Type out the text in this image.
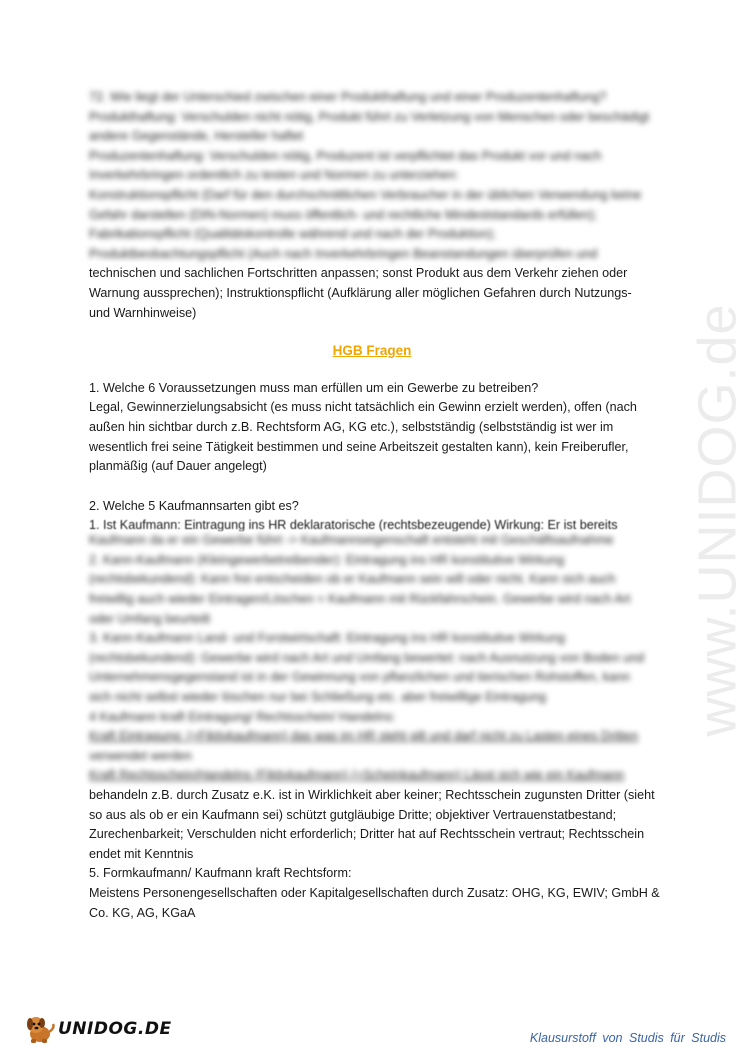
www.UNIDOG.de
72. Wie liegt der Unterschied zwischen einer Produkthaftung und einer Produzentenhaftung?
Produkthaftung: Verschulden nicht nötig, Produkt führt zu Verletzung von Menschen oder beschädigt
andere Gegenstände, Hersteller haftet
Produzentenhaftung: Verschulden nötig, Produzent ist verpflichtet das Produkt vor und nach
Inverkehrbringen ordentlich zu testen und Normen zu unterziehen:
Konstruktionspflicht (Darf für den durchschnittlichen Verbraucher in der üblichen Verwendung keine
Gefahr darstellen (DIN-Normen) muss öffentlich- und rechtliche Mindeststandards erfüllen);
Fabrikationspflicht (Qualitätskontrolle während und nach der Produktion);
Produktbeobachtungspflicht (Auch nach Inverkehrbringen Beanstandungen überprüfen und
technischen und sachlichen Fortschritten anpassen; sonst Produkt aus dem Verkehr ziehen oder
Warnung aussprechen); Instruktionspflicht (Aufklärung aller möglichen Gefahren durch Nutzungs-
und Warnhinweise)
HGB Fragen
1. Welche 6 Voraussetzungen muss man erfüllen um ein Gewerbe zu betreiben?
Legal, Gewinnerzielungsabsicht (es muss nicht tatsächlich ein Gewinn erzielt werden), offen (nach
außen hin sichtbar durch z.B. Rechtsform AG, KG etc.), selbstständig (selbstständig ist wer im
wesentlich frei seine Tätigkeit bestimmen und seine Arbeitszeit gestalten kann), kein Freiberufler,
planmäßig (auf Dauer angelegt)
2. Welche 5 Kaufmannsarten gibt es?
1. Ist Kaufmann: Eintragung ins HR deklaratorische (rechtsbezeugende) Wirkung: Er ist bereits
Kaufmann da er ein Gewerbe führt -> Kaufmannseigenschaft entsteht mit Geschäftsaufnahme
2. Kann-Kaufmann (Kleingewerbetreibender): Eintragung ins HR konstitutive Wirkung
(rechtsbekundend): Kann frei entscheiden ob er Kaufmann sein will oder nicht. Kann sich auch
freiwillig auch wieder Eintragen/Löschen = Kaufmann mit Rückfahrschein. Gewerbe wird nach Art
oder Umfang beurteilt
3. Kann-Kaufmann Land- und Forstwirtschaft: Eintragung ins HR konstitutive Wirkung
(rechtsbekundend): Gewerbe wird nach Art und Umfang bewertet: nach Ausnutzung von Boden und
Unternehmensgegenstand ist in der Gewinnung von pflanzlichen und tierischen Rohstoffen, kann
sich nicht selbst wieder löschen nur bei Schließung etc. aber freiwillige Eintragung
4 Kaufmann kraft Eintragung/ Rechtsschein/ Handelns:
Kraft Eintragung: (=Fiktivkaufmann) das was im HR steht gilt und darf nicht zu Lasten eines Dritten
verwendet werden
Kraft Rechtsschein/Handelns (Fiktivkaufmann) (=Scheinkaufmann) Lässt sich wie ein Kaufmann
behandeln z.B. durch Zusatz e.K. ist in Wirklichkeit aber keiner; Rechtsschein zugunsten Dritter (sieht
so aus als ob er ein Kaufmann sei) schützt gutgläubige Dritte; objektiver Vertrauenstatbestand;
Zurechenbarkeit; Verschulden nicht erforderlich; Dritter hat auf Rechtsschein vertraut; Rechtsschein
endet mit Kenntnis
5. Formkaufmann/ Kaufmann kraft Rechtsform:
Meistens Personengesellschaften oder Kapitalgesellschaften durch Zusatz: OHG, KG, EWIV; GmbH &
Co. KG, AG, KGaA
UNIDOG.DE	Klausurstoff von Studis für Studis
